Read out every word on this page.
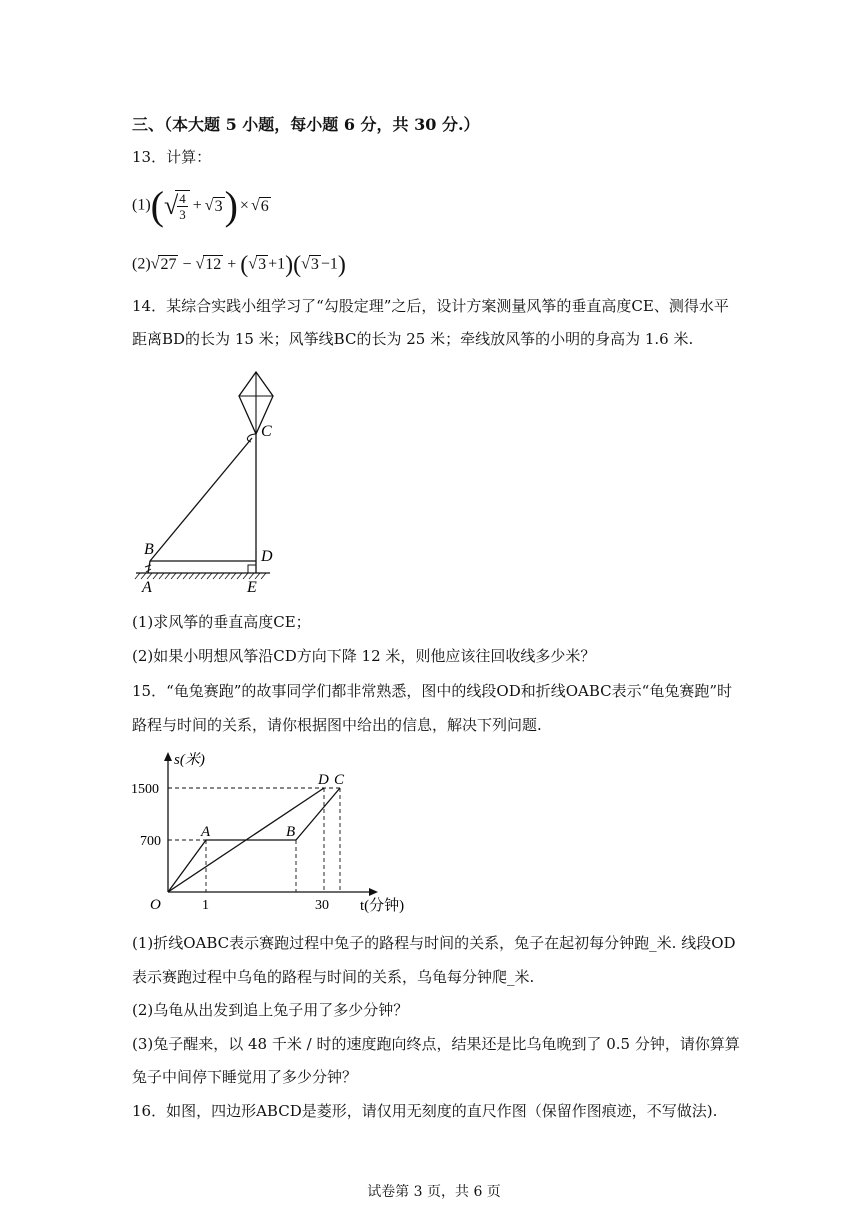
三、（本大题 5 小题，每小题 6 分，共 30 分.）
13．计算：
(1)(√
$\frac{4}{3} + √3) \times √6$
(2)√27 − √12 + (√3 +1)(√3 −1)
14．某综合实践小组学习了“勾股定理”之后，设计方案测量风筝的垂直高度CE、测得水平
距离BD的长为 15 米；风筝线BC的长为 25 米；牵线放风筝的小明的身高为 1.6 米.
C
B	D
A	E
(1)求风筝的垂直高度CE；
(2)如果小明想风筝沿CD方向下降 12 米，则他应该往回收线多少米？
15．“龟兔赛跑”的故事同学们都非常熟悉，图中的线段OD和折线OABC表示“龟兔赛跑”时
路程与时间的关系，请你根据图中给出的信息，解决下列问题.
s(米)
1500
700
O	1	30 t(分钟)
A	B
D C
(1)折线OABC表示赛跑过程中兔子的路程与时间的关系，兔子在起初每分钟跑_米. 线段OD
表示赛跑过程中乌龟的路程与时间的关系，乌龟每分钟爬_米.
(2)乌龟从出发到追上兔子用了多少分钟？
(3)兔子醒来，以 48 千米 / 时的速度跑向终点，结果还是比乌龟晚到了 0.5 分钟，请你算算
兔子中间停下睡觉用了多少分钟？
16．如图，四边形ABCD是菱形，请仅用无刻度的直尺作图（保留作图痕迹，不写做法).
试卷第 3 页，共 6 页
